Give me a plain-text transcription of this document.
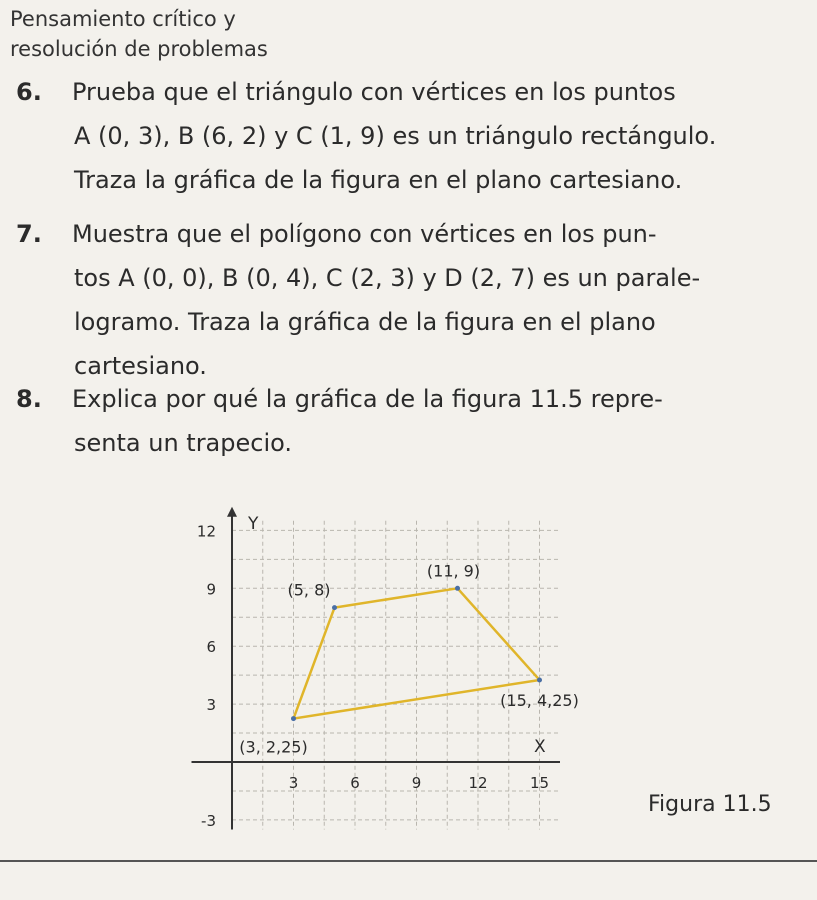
Pensamiento crítico y
resolución de problemas
6. Prueba que el triángulo con vértices en los puntos
A (0, 3), B (6, 2) y C (1, 9) es un triángulo rectángulo.
Traza la gráfica de la figura en el plano cartesiano.
7. Muestra que el polígono con vértices en los pun-
tos A (0, 0), B (0, 4), C (2, 3) y D (2, 7) es un parale-
logramo. Traza la gráfica de la figura en el plano
cartesiano.
8. Explica por qué la gráfica de la figura 11.5 repre-
senta un trapecio.
Y
X
3	6	9	12	15
12
9
6
3
-3
(5, 8)
(11, 9)
(15, 4,25)
(3, 2,25)
Figura 11.5
